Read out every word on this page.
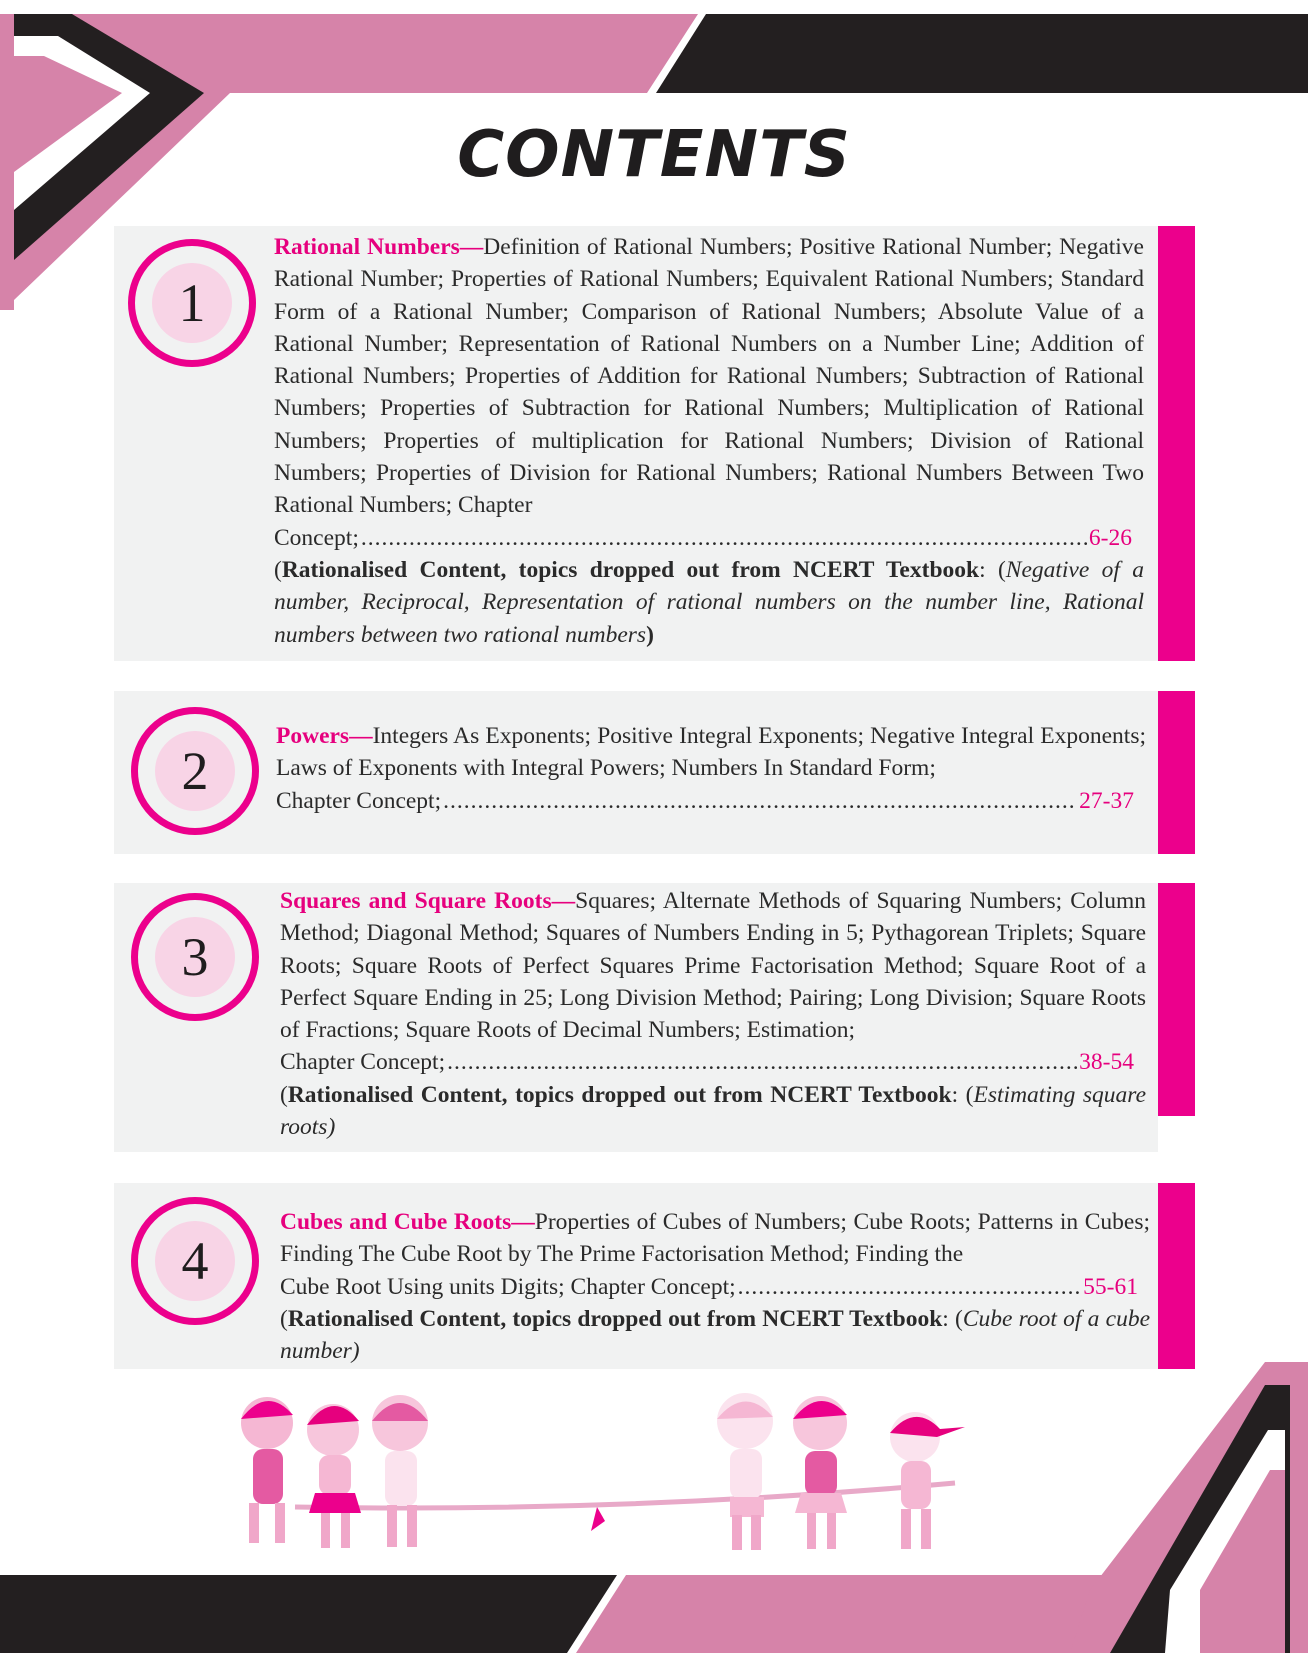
CONTENTS
1
Rational Numbers—Definition of Rational Numbers; Positive Rational Number; Negative Rational Number; Properties of Rational Numbers; Equivalent Rational Numbers; Standard Form of a Rational Number; Comparison of Rational Numbers; Absolute Value of a Rational Number; Representation of Rational Numbers on a Number Line; Addition of Rational Numbers; Properties of Addition for Rational Numbers; Subtraction of Rational Numbers; Properties of Subtraction for Rational Numbers; Multiplication of Rational Numbers; Properties of multiplication for Rational Numbers; Division of Rational Numbers; Properties of Division for Rational Numbers; Rational Numbers Between Two Rational Numbers; Chapter
Concept; .....	6-26
(Rationalised Content, topics dropped out from NCERT Textbook: (Negative of a number, Reciprocal, Representation of rational numbers on the number line, Rational numbers between two rational numbers)
2
Powers—Integers As Exponents; Positive Integral Exponents; Negative Integral Exponents; Laws of Exponents with Integral Powers; Numbers In Standard Form;
Chapter Concept; .....	27-37
3
Squares and Square Roots—Squares; Alternate Methods of Squaring Numbers; Column Method; Diagonal Method; Squares of Numbers Ending in 5; Pythagorean Triplets; Square Roots; Square Roots of Perfect Squares Prime Factorisation Method; Square Root of a Perfect Square Ending in 25; Long Division Method; Pairing; Long Division; Square Roots of Fractions; Square Roots of Decimal Numbers; Estimation;
Chapter Concept; .....	38-54
(Rationalised Content, topics dropped out from NCERT Textbook: (Estimating square roots)
4
Cubes and Cube Roots—Properties of Cubes of Numbers; Cube Roots; Patterns in Cubes; Finding The Cube Root by The Prime Factorisation Method; Finding the
Cube Root Using units Digits; Chapter Concept; .....	55-61
(Rationalised Content, topics dropped out from NCERT Textbook: (Cube root of a cube number)
